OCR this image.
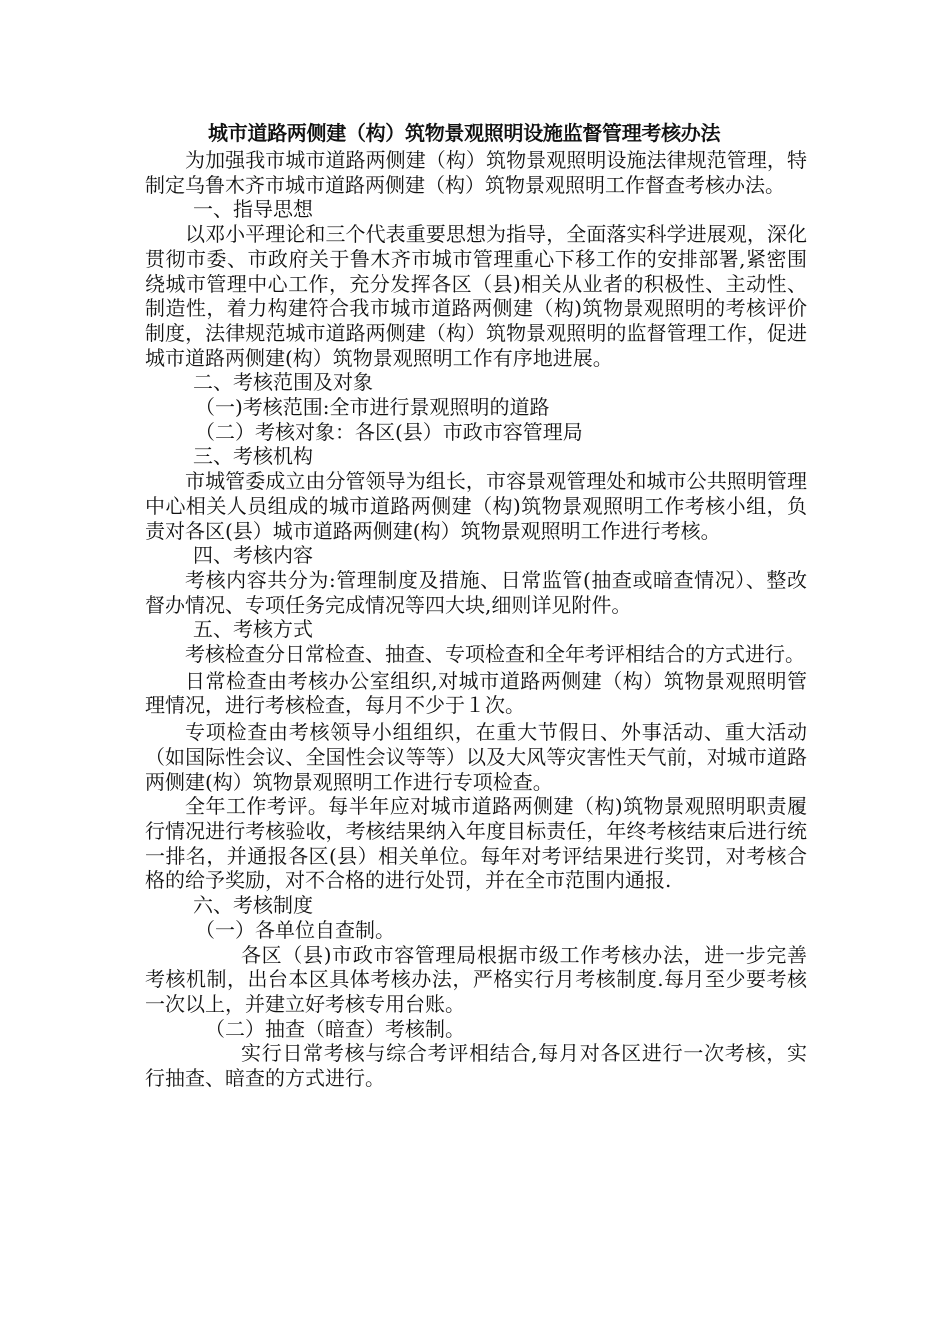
城市道路两侧建（构）筑物景观照明设施监督管理考核办法

为加强我市城市道路两侧建（构）筑物景观照明设施法律规范管理，特制定乌鲁木齐市城市道路两侧建（构）筑物景观照明工作督查考核办法。

一、指导思想

以邓小平理论和三个代表重要思想为指导，全面落实科学进展观，深化贯彻市委、市政府关于鲁木齐市城市管理重心下移工作的安排部署,紧密围绕城市管理中心工作，充分发挥各区（县)相关从业者的积极性、主动性、制造性，着力构建符合我市城市道路两侧建（构)筑物景观照明的考核评价制度，法律规范城市道路两侧建（构）筑物景观照明的监督管理工作，促进城市道路两侧建(构）筑物景观照明工作有序地进展。

二、考核范围及对象

（一)考核范围:全市进行景观照明的道路

（二）考核对象：各区(县）市政市容管理局

三、考核机构

市城管委成立由分管领导为组长，市容景观管理处和城市公共照明管理中心相关人员组成的城市道路两侧建（构)筑物景观照明工作考核小组，负责对各区(县）城市道路两侧建(构）筑物景观照明工作进行考核。

四、考核内容

考核内容共分为:管理制度及措施、日常监管(抽查或暗查情况）、整改督办情况、专项任务完成情况等四大块,细则详见附件。

五、考核方式

考核检查分日常检查、抽查、专项检查和全年考评相结合的方式进行。

日常检查由考核办公室组织,对城市道路两侧建（构）筑物景观照明管理情况，进行考核检查，每月不少于１次。

专项检查由考核领导小组组织，在重大节假日、外事活动、重大活动（如国际性会议、全国性会议等等）以及大风等灾害性天气前，对城市道路两侧建(构）筑物景观照明工作进行专项检查。

全年工作考评。每半年应对城市道路两侧建（构)筑物景观照明职责履行情况进行考核验收，考核结果纳入年度目标责任，年终考核结束后进行统一排名，并通报各区(县）相关单位。每年对考评结果进行奖罚，对考核合格的给予奖励，对不合格的进行处罚，并在全市范围内通报.

六、考核制度

（一）各单位自查制。

各区（县)市政市容管理局根据市级工作考核办法，进一步完善考核机制，出台本区具体考核办法，严格实行月考核制度.每月至少要考核一次以上，并建立好考核专用台账。

（二）抽查（暗查）考核制。

实行日常考核与综合考评相结合,每月对各区进行一次考核，实行抽查、暗查的方式进行。
